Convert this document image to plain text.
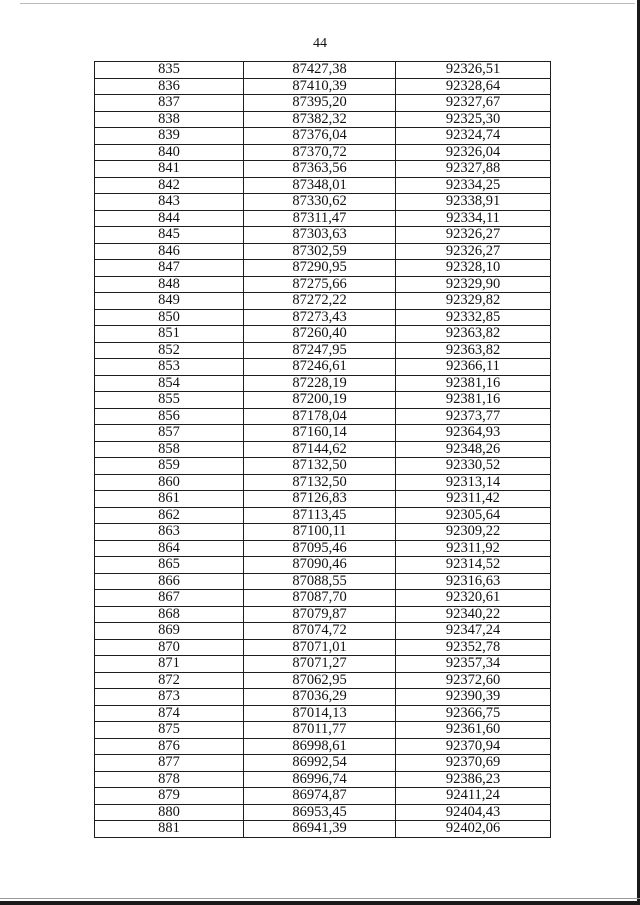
44
835	87427,38	92326,51
836	87410,39	92328,64
837	87395,20	92327,67
838	87382,32	92325,30
839	87376,04	92324,74
840	87370,72	92326,04
841	87363,56	92327,88
842	87348,01	92334,25
843	87330,62	92338,91
844	87311,47	92334,11
845	87303,63	92326,27
846	87302,59	92326,27
847	87290,95	92328,10
848	87275,66	92329,90
849	87272,22	92329,82
850	87273,43	92332,85
851	87260,40	92363,82
852	87247,95	92363,82
853	87246,61	92366,11
854	87228,19	92381,16
855	87200,19	92381,16
856	87178,04	92373,77
857	87160,14	92364,93
858	87144,62	92348,26
859	87132,50	92330,52
860	87132,50	92313,14
861	87126,83	92311,42
862	87113,45	92305,64
863	87100,11	92309,22
864	87095,46	92311,92
865	87090,46	92314,52
866	87088,55	92316,63
867	87087,70	92320,61
868	87079,87	92340,22
869	87074,72	92347,24
870	87071,01	92352,78
871	87071,27	92357,34
872	87062,95	92372,60
873	87036,29	92390,39
874	87014,13	92366,75
875	87011,77	92361,60
876	86998,61	92370,94
877	86992,54	92370,69
878	86996,74	92386,23
879	86974,87	92411,24
880	86953,45	92404,43
881	86941,39	92402,06
